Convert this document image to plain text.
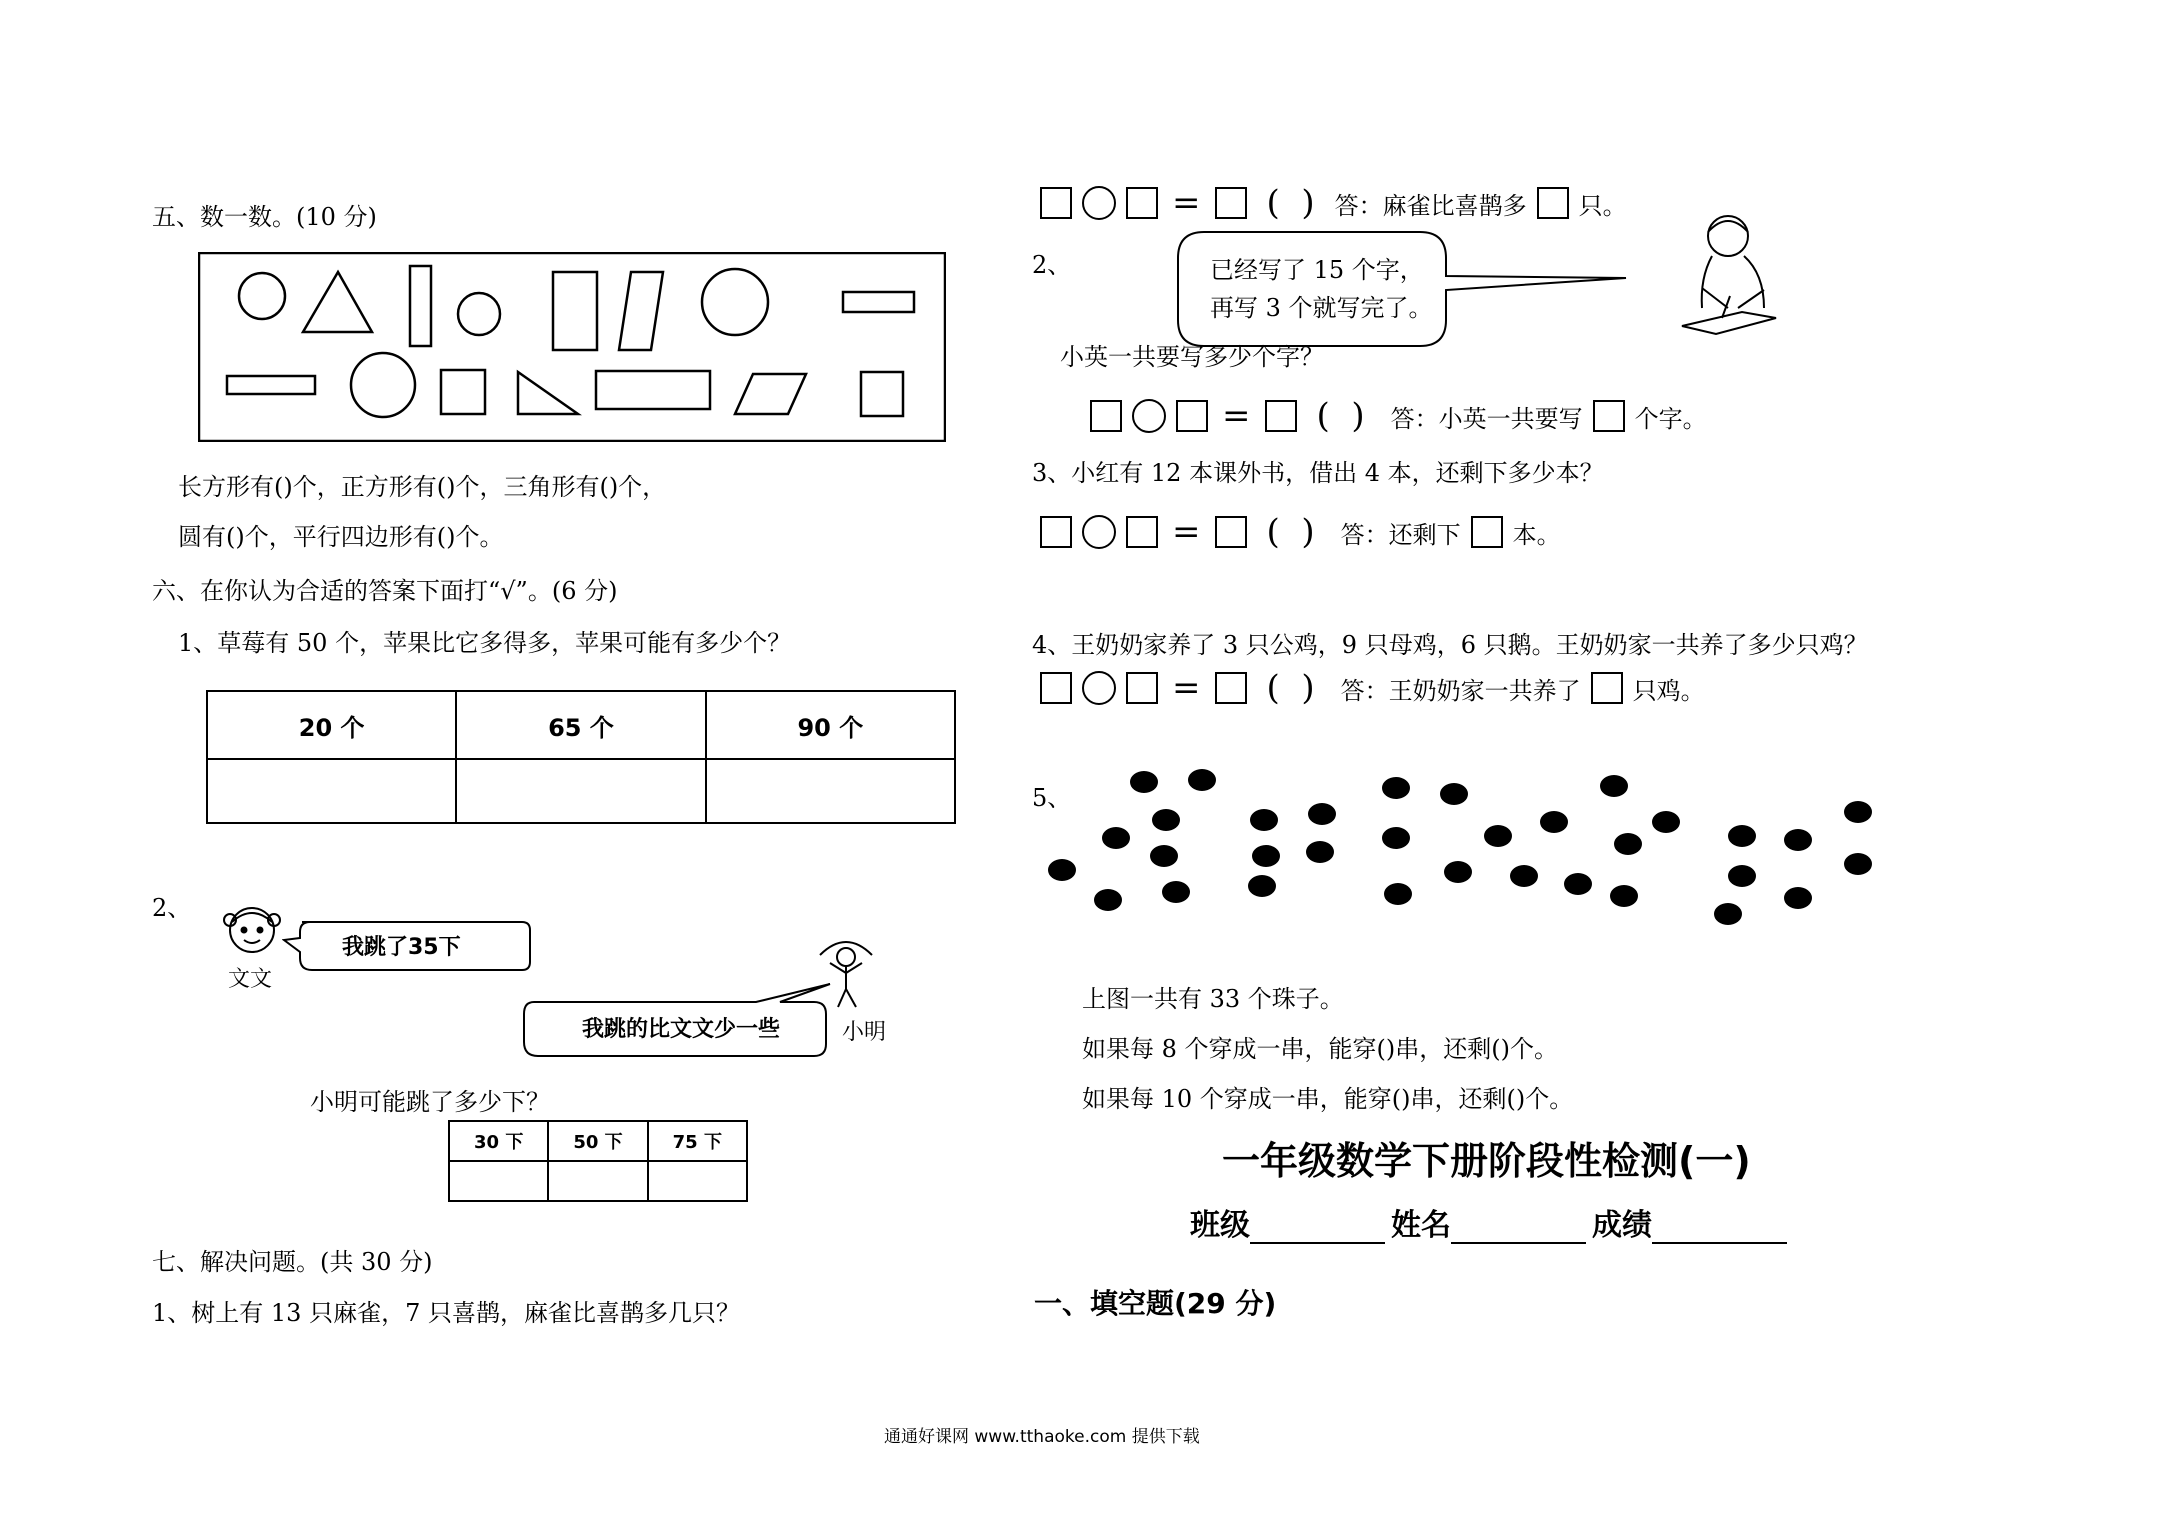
五、数一数。(10 分)
长方形有()个，正方形有()个，三角形有()个，
圆有()个，平行四边形有()个。
六、在你认为合适的答案下面打“√”。(6 分)
1、草莓有 50 个，苹果比它多得多，苹果可能有多少个？
20 个	65 个	90 个

2、
文文
我跳了35下
我跳的比文文少一些	小明
小明可能跳了多少下？
30 下	50 下	75 下

七、解决问题。(共 30 分)
1、树上有 13 只麻雀，7 只喜鹊，麻雀比喜鹊多几只？
= (  ) 答：麻雀比喜鹊多 只。
2、	已经写了 15 个字，
再写 3 个就写完了。
小英一共要写多少个字？
= (  ) 答：小英一共要写 个字。
3、小红有 12 本课外书，借出 4 本，还剩下多少本？
= (  ) 答：还剩下 本。
4、王奶奶家养了 3 只公鸡，9 只母鸡，6 只鹅。王奶奶家一共养了多少只鸡？
= (  ) 答：王奶奶家一共养了 只鸡。
5、
上图一共有 33 个珠子。
如果每 8 个穿成一串，能穿()串，还剩()个。
如果每 10 个穿成一串，能穿()串，还剩()个。
一年级数学下册阶段性检测(一)
班级	姓名	成绩
一、填空题(29 分)
通通好课网 www.tthaoke.com 提供下载
